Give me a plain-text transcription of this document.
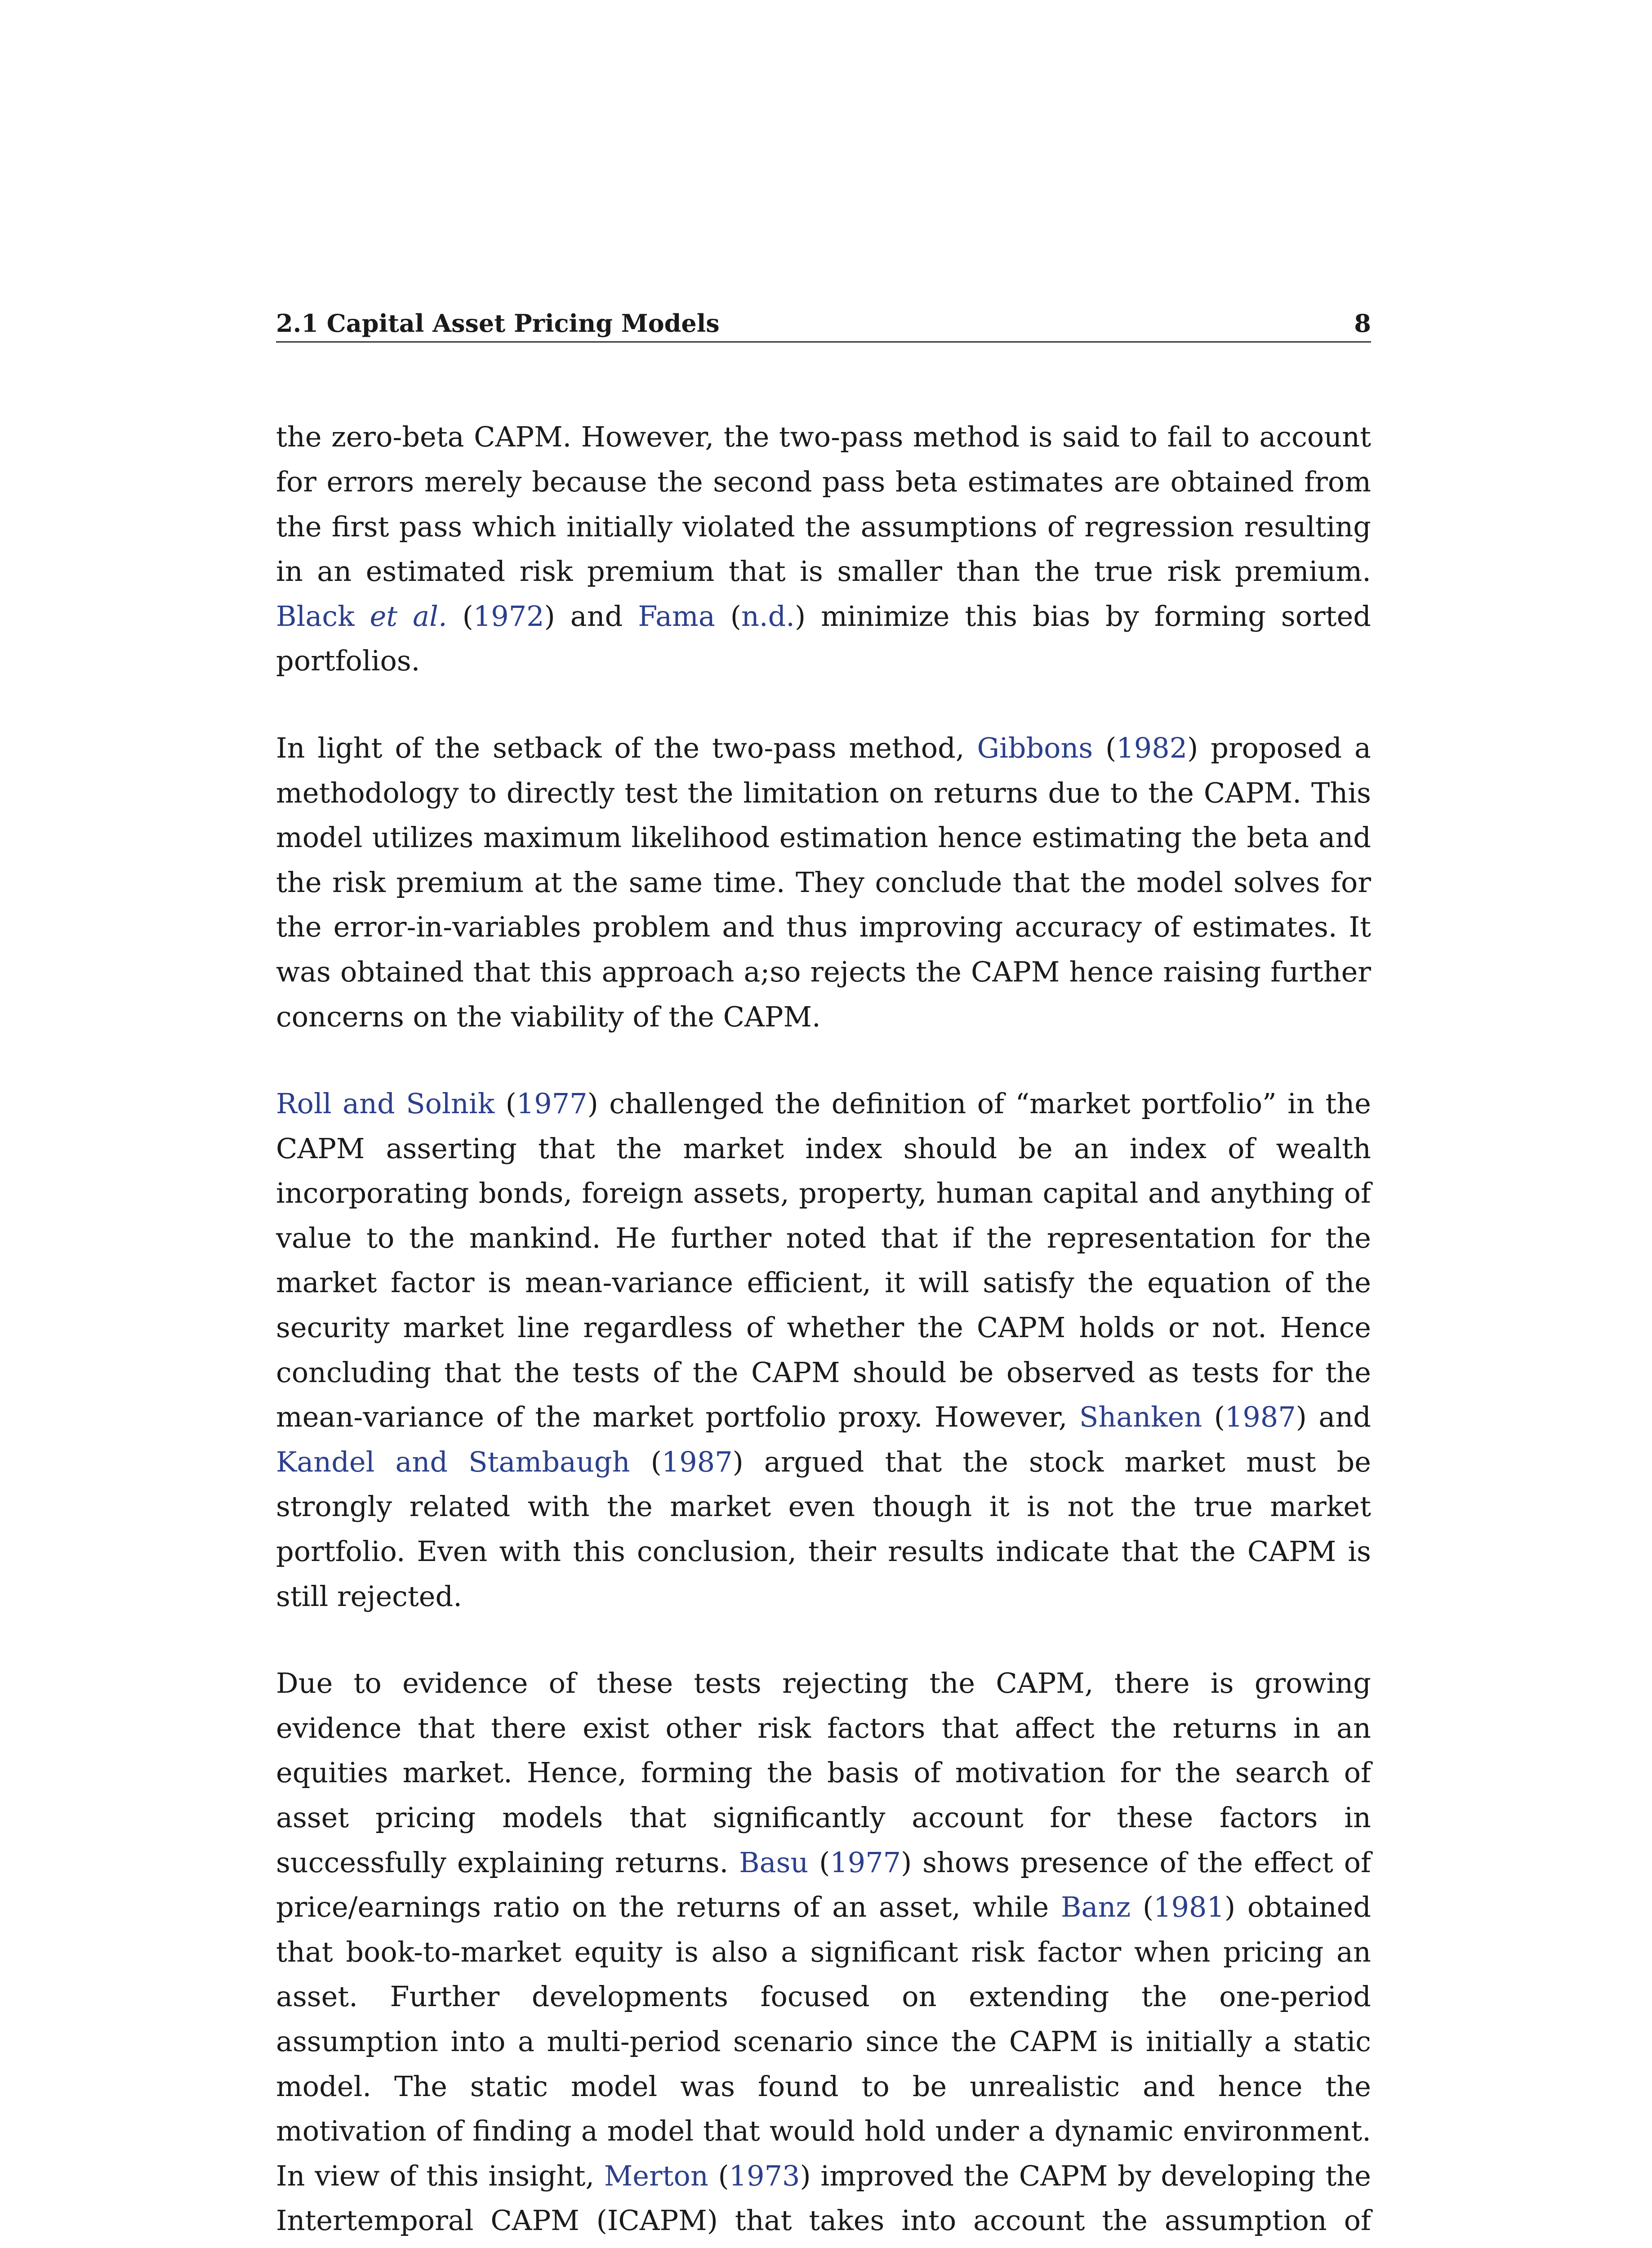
2.1 Capital Asset Pricing Models	8

the zero-beta CAPM. However, the two-pass method is said to fail to account for errors merely because the second pass beta estimates are obtained from the first pass which initially violated the assumptions of regression resulting in an estimated risk premium that is smaller than the true risk premium. Black et al. (1972) and Fama (n.d.) minimize this bias by forming sorted portfolios.

In light of the setback of the two-pass method, Gibbons (1982) proposed a methodology to directly test the limitation on returns due to the CAPM. This model utilizes maximum likelihood estimation hence estimating the beta and the risk premium at the same time. They conclude that the model solves for the error-in-variables problem and thus improving accuracy of estimates. It was obtained that this approach a;so rejects the CAPM hence raising further concerns on the viability of the CAPM.

Roll and Solnik (1977) challenged the definition of “market portfolio” in the CAPM asserting that the market index should be an index of wealth incorporating bonds, foreign assets, property, human capital and anything of value to the mankind. He further noted that if the representation for the market factor is mean-variance efficient, it will satisfy the equation of the security market line regardless of whether the CAPM holds or not. Hence concluding that the tests of the CAPM should be observed as tests for the mean-variance of the market portfolio proxy. However, Shanken (1987) and Kandel and Stambaugh (1987) argued that the stock market must be strongly related with the market even though it is not the true market portfolio. Even with this conclusion, their results indicate that the CAPM is still rejected.

Due to evidence of these tests rejecting the CAPM, there is growing evidence that there exist other risk factors that affect the returns in an equities market. Hence, forming the basis of motivation for the search of asset pricing models that significantly account for these factors in successfully explaining returns. Basu (1977) shows presence of the effect of price/earnings ratio on the returns of an asset, while Banz (1981) obtained that book-to-market equity is also a significant risk factor when pricing an asset. Further developments focused on extending the one-period assumption into a multi-period scenario since the CAPM is initially a static model. The static model was found to be unrealistic and hence the motivation of finding a model that would hold under a dynamic environment. In view of this insight, Merton (1973) improved the CAPM by developing the Intertemporal CAPM (ICAPM) that takes into account the assumption of
